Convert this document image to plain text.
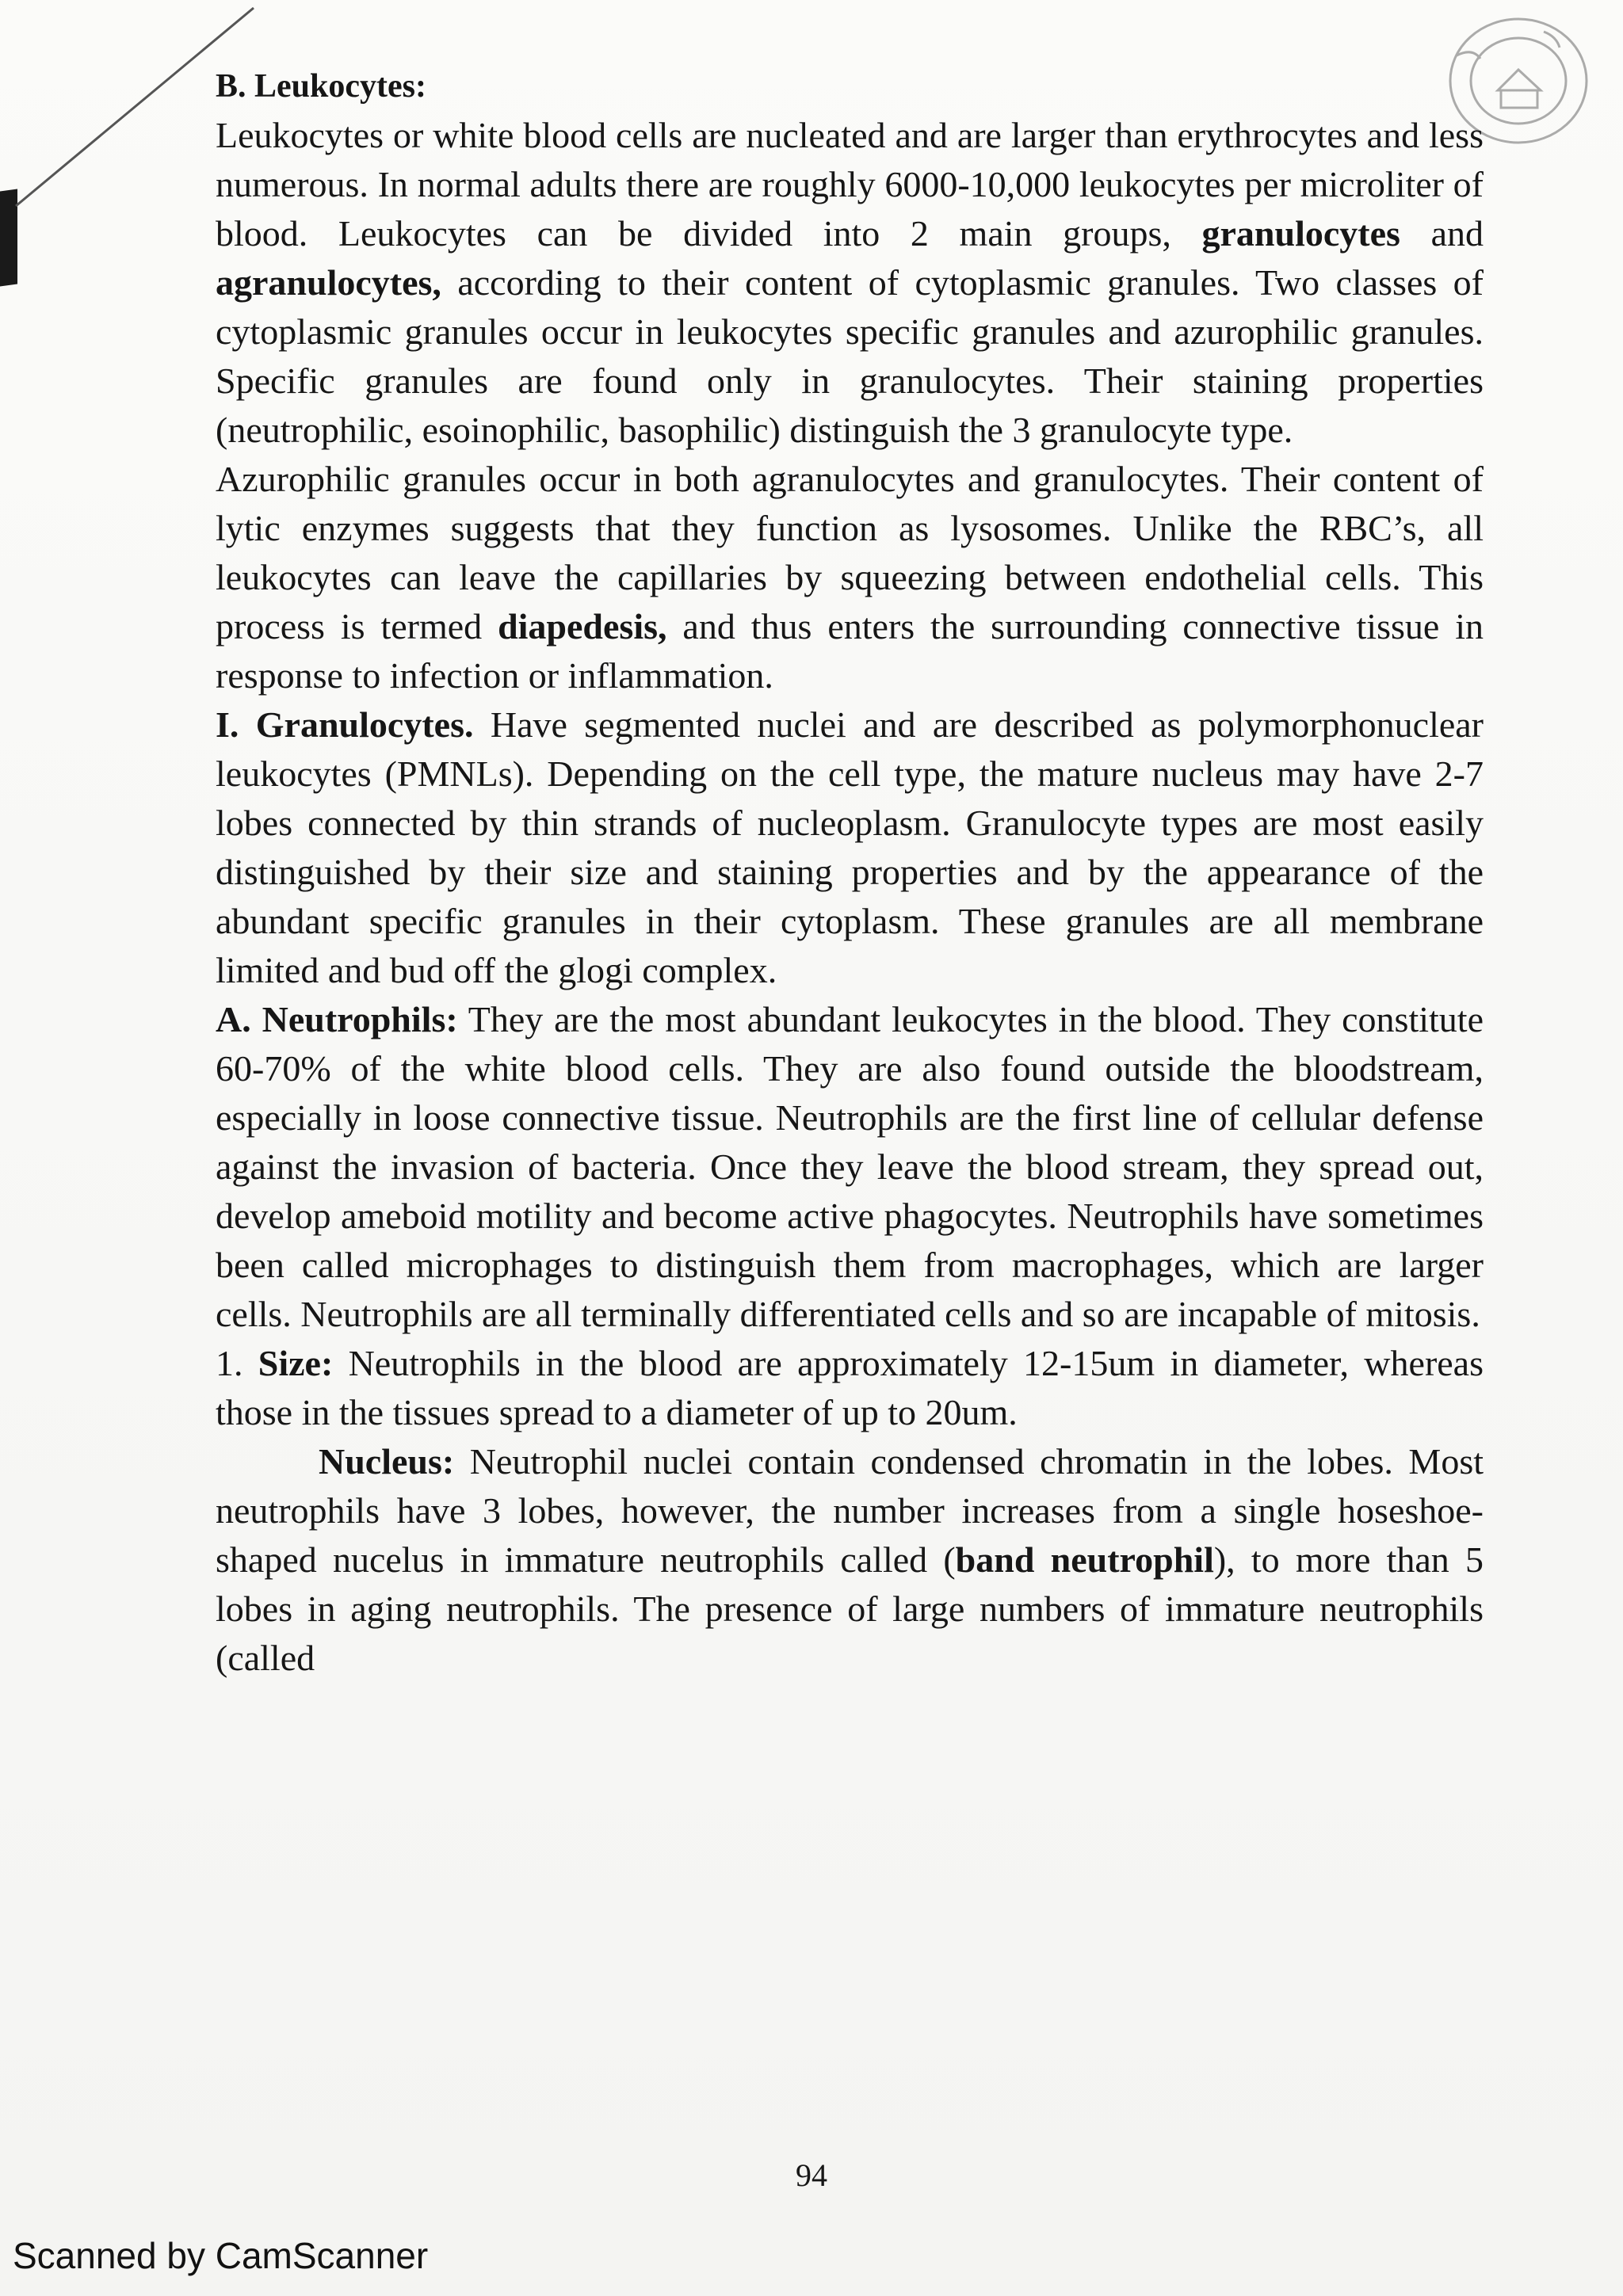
B. Leukocytes:

Leukocytes or white blood cells are nucleated and are larger than erythrocytes and less numerous. In normal adults there are roughly 6000-10,000 leukocytes per microliter of blood. Leukocytes can be divided into 2 main groups, granulocytes and agranulocytes, according to their content of cytoplasmic granules. Two classes of cytoplasmic granules occur in leukocytes specific granules and azurophilic granules. Specific granules are found only in granulocytes. Their staining properties (neutrophilic, esoinophilic, basophilic) distinguish the 3 granulocyte type.

Azurophilic granules occur in both agranulocytes and granulocytes. Their content of lytic enzymes suggests that they function as lysosomes. Unlike the RBC’s, all leukocytes can leave the capillaries by squeezing between endothelial cells. This process is termed diapedesis, and thus enters the surrounding connective tissue in response to infection or inflammation.

I. Granulocytes. Have segmented nuclei and are described as polymorphonuclear leukocytes (PMNLs). Depending on the cell type, the mature nucleus may have 2-7 lobes connected by thin strands of nucleoplasm. Granulocyte types are most easily distinguished by their size and staining properties and by the appearance of the abundant specific granules in their cytoplasm. These granules are all membrane limited and bud off the glogi complex.

A. Neutrophils: They are the most abundant leukocytes in the blood. They constitute 60-70% of the white blood cells. They are also found outside the bloodstream, especially in loose connective tissue. Neutrophils are the first line of cellular defense against the invasion of bacteria. Once they leave the blood stream, they spread out, develop ameboid motility and become active phagocytes. Neutrophils have sometimes been called microphages to distinguish them from macrophages, which are larger cells. Neutrophils are all terminally differentiated cells and so are incapable of mitosis.

1. Size: Neutrophils in the blood are approximately 12-15um in diameter, whereas those in the tissues spread to a diameter of up to 20um.

Nucleus: Neutrophil nuclei contain condensed chromatin in the lobes. Most neutrophils have 3 lobes, however, the number increases from a single hoseshoe-shaped nucelus in immature neutrophils called (band neutrophil), to more than 5 lobes in aging neutrophils. The presence of large numbers of immature neutrophils (called

94
Scanned by CamScanner
